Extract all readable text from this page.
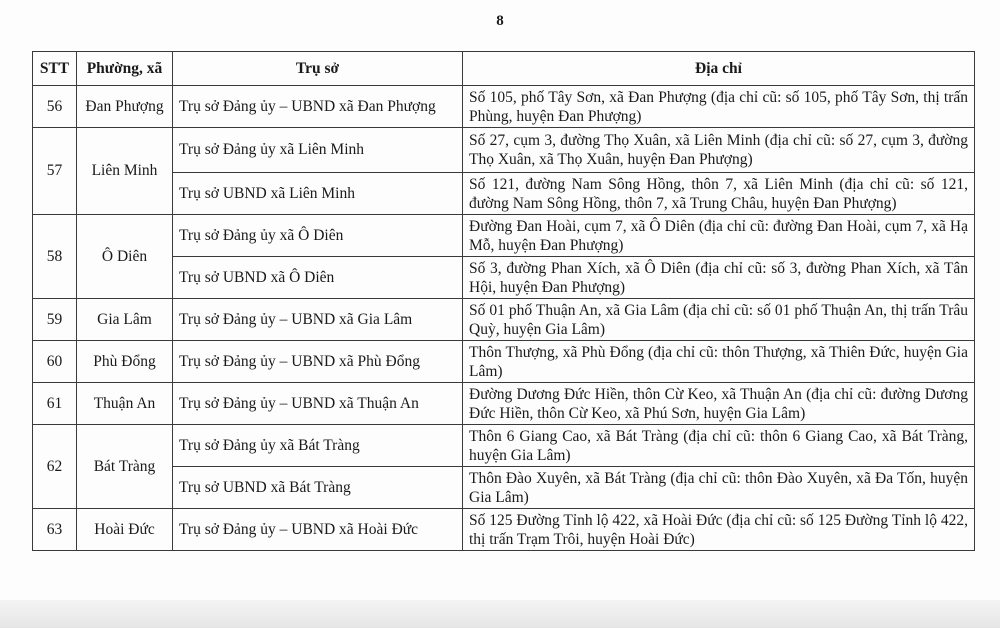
8
STT	Phường, xã	Trụ sở	Địa chỉ
56	Đan Phượng	Trụ sở Đảng ủy – UBND xã Đan Phượng	Số 105, phố Tây Sơn, xã Đan Phượng (địa chỉ cũ: số 105, phố Tây Sơn, thị trấn Phùng, huyện Đan Phượng)
57	Liên Minh	Trụ sở Đảng ủy xã Liên Minh	Số 27, cụm 3, đường Thọ Xuân, xã Liên Minh (địa chỉ cũ: số 27, cụm 3, đường Thọ Xuân, xã Thọ Xuân, huyện Đan Phượng)
		Trụ sở UBND xã Liên Minh	Số 121, đường Nam Sông Hồng, thôn 7, xã Liên Minh (địa chỉ cũ: số 121, đường Nam Sông Hồng, thôn 7, xã Trung Châu, huyện Đan Phượng)
58	Ô Diên	Trụ sở Đảng ủy xã Ô Diên	Đường Đan Hoài, cụm 7, xã Ô Diên (địa chỉ cũ: đường Đan Hoài, cụm 7, xã Hạ Mỗ, huyện Đan Phượng)
		Trụ sở UBND xã Ô Diên	Số 3, đường Phan Xích, xã Ô Diên (địa chỉ cũ: số 3, đường Phan Xích, xã Tân Hội, huyện Đan Phượng)
59	Gia Lâm	Trụ sở Đảng ủy – UBND xã Gia Lâm	Số 01 phố Thuận An, xã Gia Lâm (địa chỉ cũ: số 01 phố Thuận An, thị trấn Trâu Quỳ, huyện Gia Lâm)
60	Phù Đổng	Trụ sở Đảng ủy – UBND xã Phù Đổng	Thôn Thượng, xã Phù Đổng (địa chỉ cũ: thôn Thượng, xã Thiên Đức, huyện Gia Lâm)
61	Thuận An	Trụ sở Đảng ủy – UBND xã Thuận An	Đường Dương Đức Hiền, thôn Cừ Keo, xã Thuận An (địa chỉ cũ: đường Dương Đức Hiền, thôn Cừ Keo, xã Phú Sơn, huyện Gia Lâm)
62	Bát Tràng	Trụ sở Đảng ủy xã Bát Tràng	Thôn 6 Giang Cao, xã Bát Tràng (địa chỉ cũ: thôn 6 Giang Cao, xã Bát Tràng, huyện Gia Lâm)
		Trụ sở UBND xã Bát Tràng	Thôn Đào Xuyên, xã Bát Tràng (địa chỉ cũ: thôn Đào Xuyên, xã Đa Tốn, huyện Gia Lâm)
63	Hoài Đức	Trụ sở Đảng ủy – UBND xã Hoài Đức	Số 125 Đường Tỉnh lộ 422, xã Hoài Đức (địa chỉ cũ: số 125 Đường Tỉnh lộ 422, thị trấn Trạm Trôi, huyện Hoài Đức)
